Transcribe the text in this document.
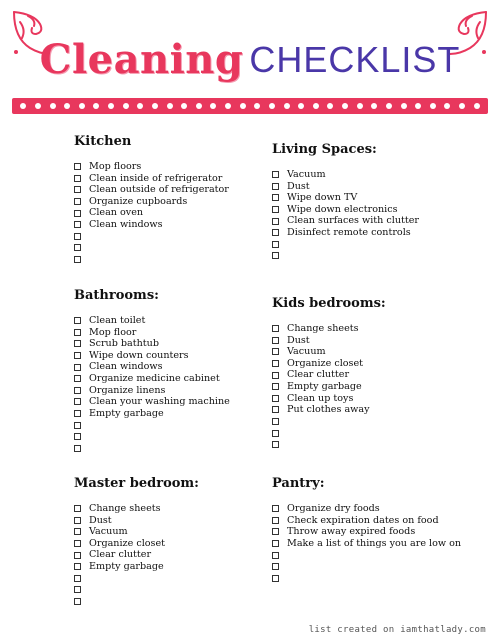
Cleaning CHECKLIST
Kitchen
Mop floors
Clean inside of refrigerator
Clean outside of refrigerator
Organize cupboards
Clean oven
Clean windows
Living Spaces:
Vacuum
Dust
Wipe down TV
Wipe down electronics
Clean surfaces with clutter
Disinfect remote controls
Bathrooms:
Clean toilet
Mop floor
Scrub bathtub
Wipe down counters
Clean windows
Organize medicine cabinet
Organize linens
Clean your washing machine
Empty garbage
Kids bedrooms:
Change sheets
Dust
Vacuum
Organize closet
Clear clutter
Empty garbage
Clean up toys
Put clothes away
Master bedroom:
Change sheets
Dust
Vacuum
Organize closet
Clear clutter
Empty garbage
Pantry:
Organize dry foods
Check expiration dates on food
Throw away expired foods
Make a list of things you are low on
list created on iamthatlady.com
